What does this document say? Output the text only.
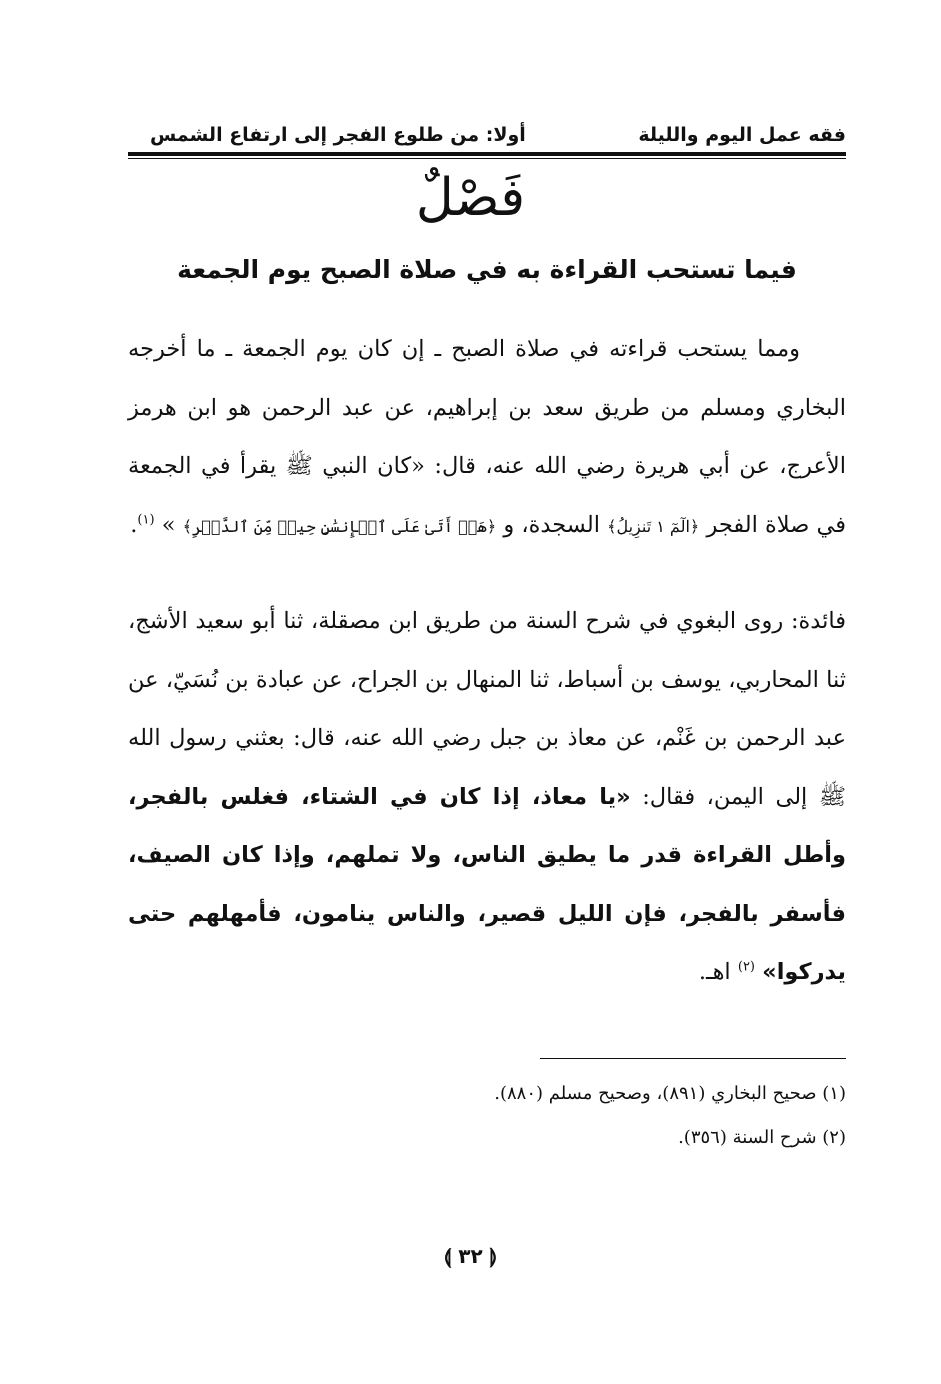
فقه عمل اليوم والليلة
أولا: من طلوع الفجر إلى ارتفاع الشمس
فَصْلٌ
فيما تستحب القراءة به في صلاة الصبح يوم الجمعة
ومما يستحب قراءته في صلاة الصبح ـ إن كان يوم الجمعة ـ ما أخرجه البخاري ومسلم من طريق سعد بن إبراهيم، عن عبد الرحمن هو ابن هرمز الأعرج، عن أبي هريرة رضي الله عنه، قال: «كان النبي ﷺ يقرأ في الجمعة في صلاة الفجر ﴿الٓمٓ ١ تَنزِيلُ﴾ السجدة، و ﴿هَلۡ أَتَىٰ عَلَى ٱلۡإِنسَٰنِ حِينٞ مِّنَ ٱلدَّهۡرِ﴾ » $^{(١)}$.
فائدة: روى البغوي في شرح السنة من طريق ابن مصقلة، ثنا أبو سعيد الأشج، ثنا المحاربي، يوسف بن أسباط، ثنا المنهال بن الجراح، عن عبادة بن نُسَيّ، عن عبد الرحمن بن غَنْم، عن معاذ بن جبل رضي الله عنه، قال: بعثني رسول الله ﷺ إلى اليمن، فقال: «يا معاذ، إذا كان في الشتاء، فغلس بالفجر، وأطل القراءة قدر ما يطيق الناس، ولا تملهم، وإذا كان الصيف، فأسفر بالفجر، فإن الليل قصير، والناس ينامون، فأمهلهم حتى يدركوا» $^{(٢)}$ اهـ.
(١) صحيح البخاري (٨٩١)، وصحيح مسلم (٨٨٠).
(٢) شرح السنة (٣٥٦).
⟬ ٣٢ ⟭
